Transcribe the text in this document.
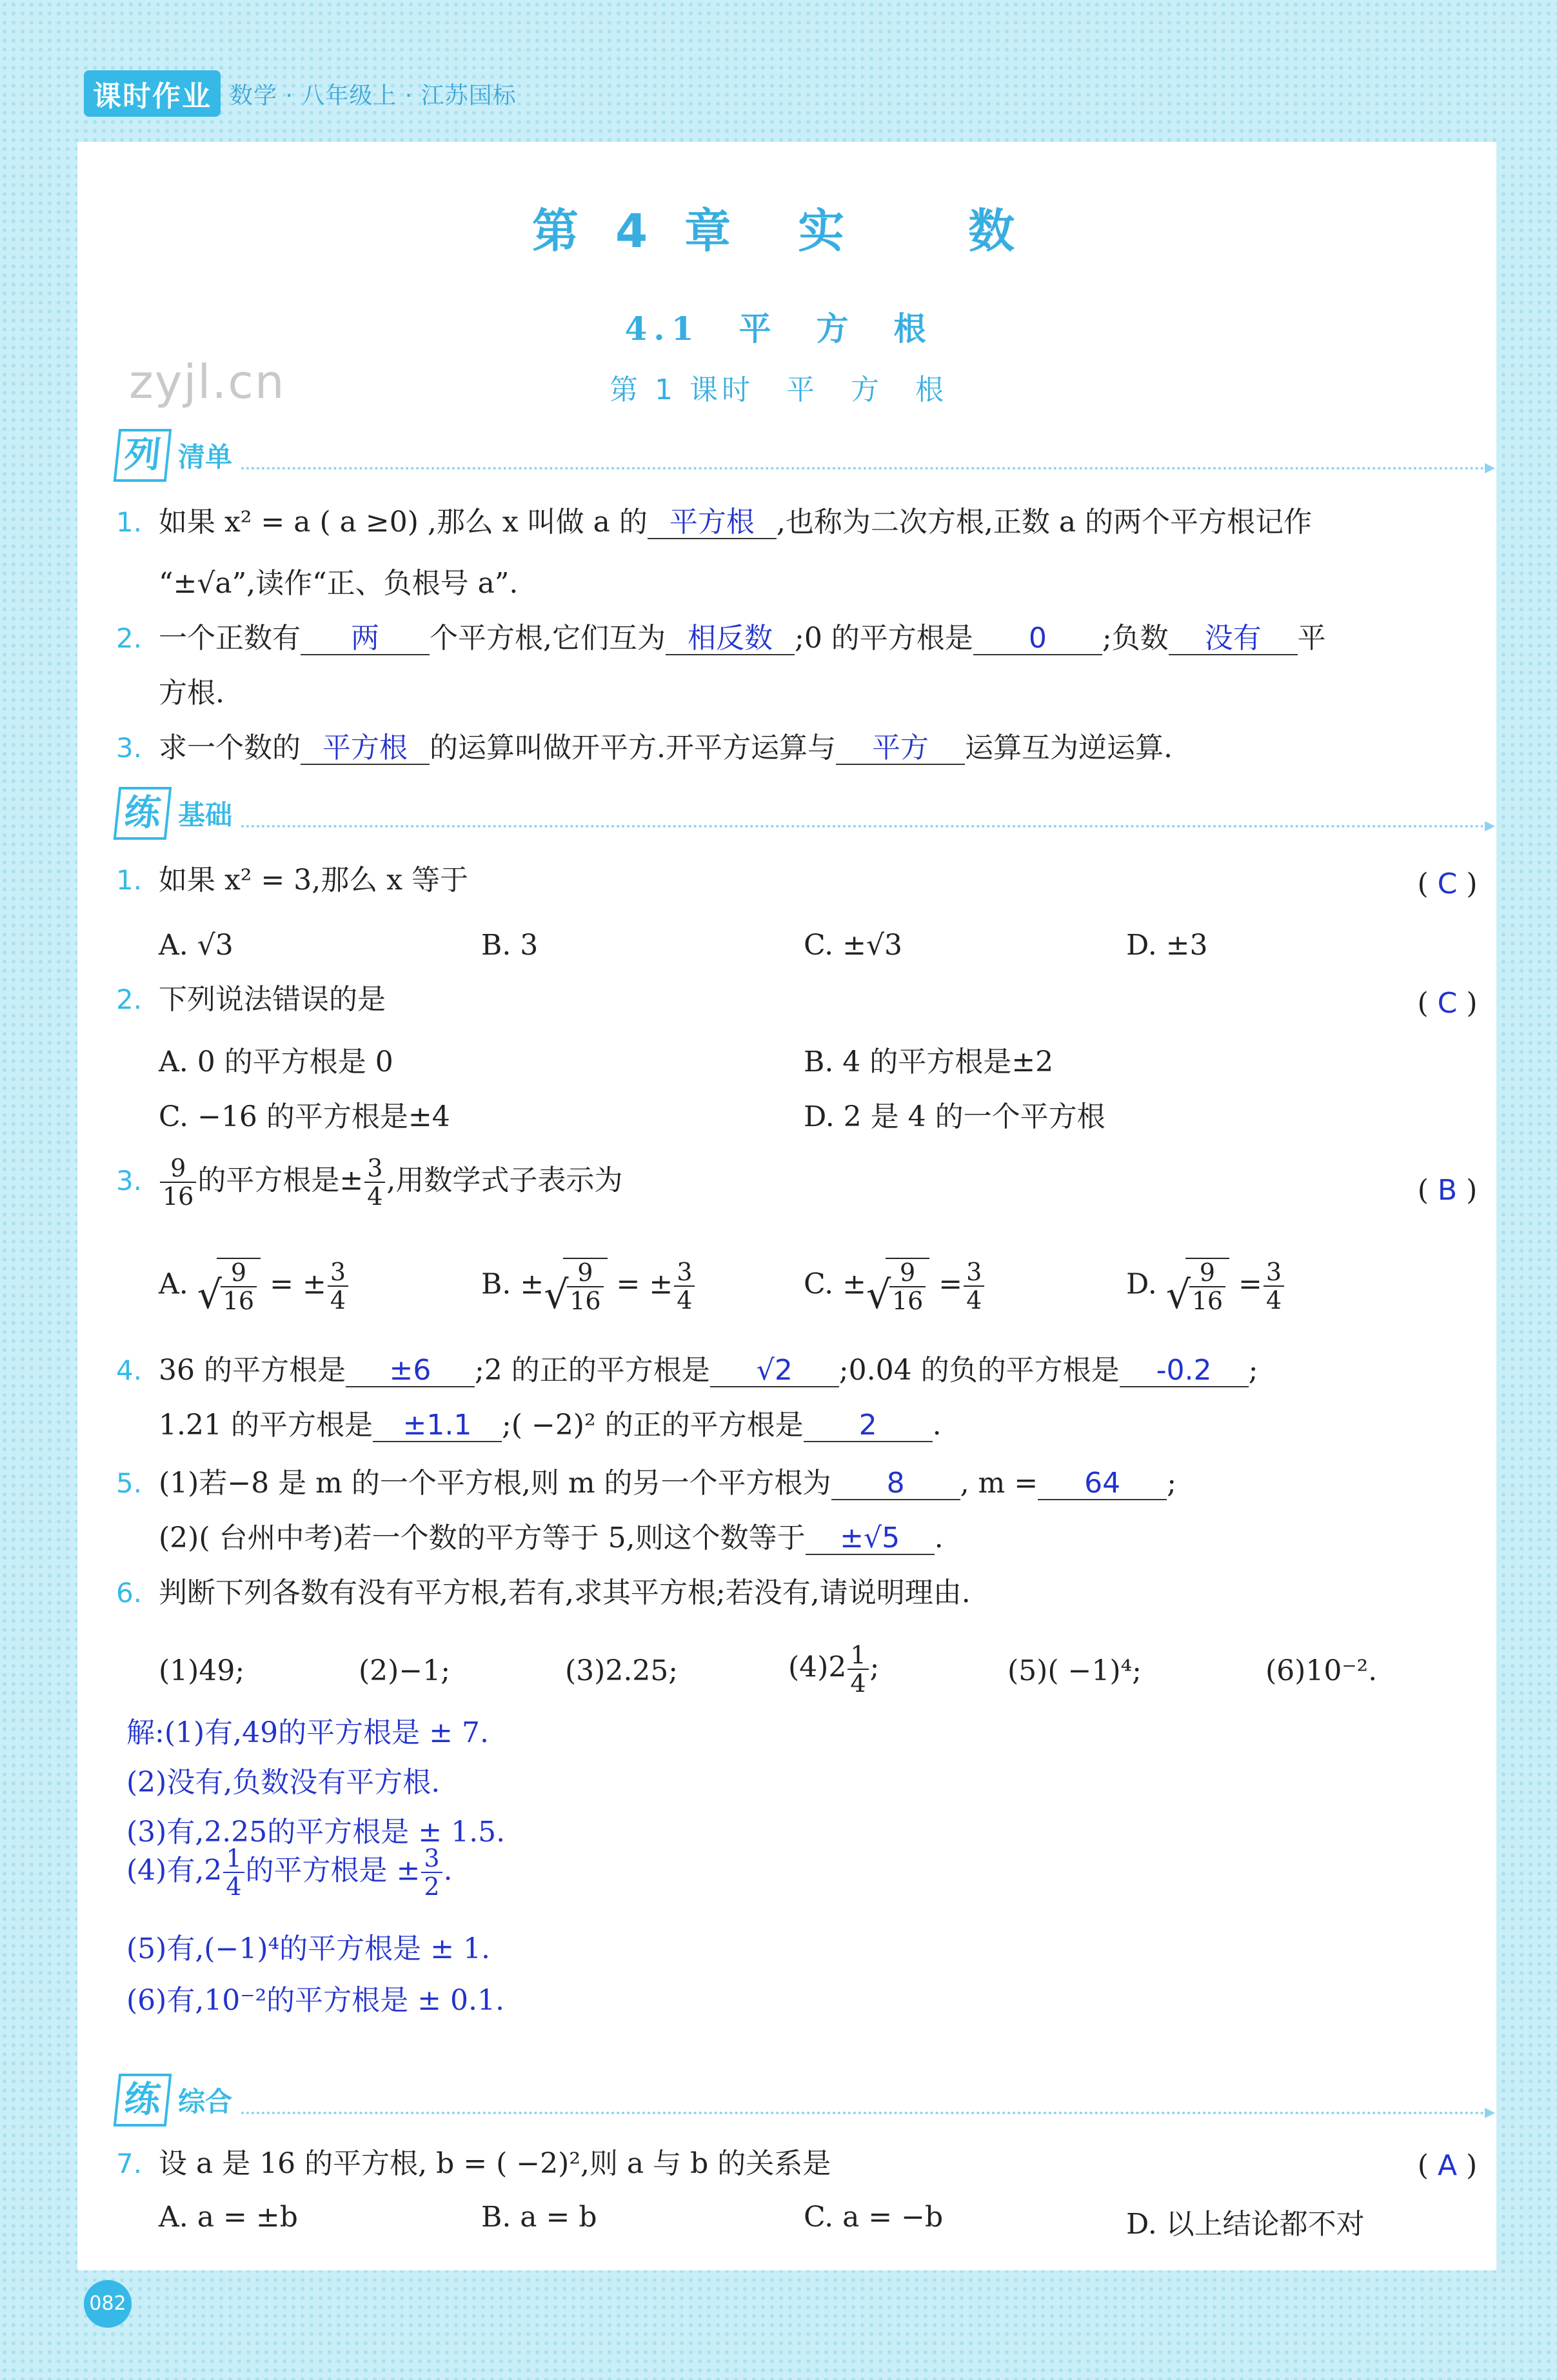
课时作业 数学 · 八年级上 · 江苏国标
zyjl.cn
第 4 章　实　　数
4.1　平　方　根
第 1 课时　平　方　根
列 清单
1. 如果 x² = a ( a ≥0) ,那么 x 叫做 a 的 平方根 ,也称为二次方根,正数 a 的两个平方根记作
“±√a”,读作“正、负根号 a”.
2. 一个正数有 两 个平方根,它们互为 相反数 ;0 的平方根是 0 ;负数 没有 平
方根.
3. 求一个数的 平方根 的运算叫做开平方.开平方运算与 平方 运算互为逆运算.
练 基础
1. 如果 x² = 3,那么 x 等于	( C )
A. √3	B. 3	C. ±√3	D. ±3
2. 下列说法错误的是	( C )
A. 0 的平方根是 0	B. 4 的平方根是±2
C. −16 的平方根是±4	D. 2 是 4 的一个平方根
3. $\frac{9}{16}$ 的平方根是± $\frac{3}{4}$ ,用数学式子表示为	( B )
A. √
$\frac{9}{16}$ = ± $\frac{3}{4}$	B. ± √
$\frac{9}{16}$ = ± $\frac{3}{4}$	C. ± √
$\frac{9}{16} = \frac{3}{4}$	D. √
$\frac{9}{16} = \frac{3}{4}$
4. 36 的平方根是 ±6 ;2 的正的平方根是 √2 ;0.04 的负的平方根是 -0.2 ;
1.21 的平方根是 ±1.1 ;( −2)² 的正的平方根是 2 .
5. (1)若−8 是 m 的一个平方根,则 m 的另一个平方根为 8 , m = 64 ;
(2)( 台州中考)若一个数的平方等于 5,则这个数等于 ±√5 .
6. 判断下列各数有没有平方根,若有,求其平方根;若没有,请说明理由.
(1)49;	(2)−1;	(3)2.25;	$(4)2 \frac{1}{4}$ ;	(5)( −1)⁴;	(6)10⁻².
解:(1)有,49的平方根是 ± 7.
(2)没有,负数没有平方根.
(3)有,2.25的平方根是 ± 1.5.
(4)有$,2 \frac{1}{4}$ 的平方根是 ± $\frac{3}{2}$ .
(5)有,(−1)⁴的平方根是 ± 1.
(6)有,10⁻²的平方根是 ± 0.1.
练 综合
7. 设 a 是 16 的平方根, b = ( −2)²,则 a 与 b 的关系是	( A )
A. a = ±b	B. a = b	C. a = −b	D. 以上结论都不对
082
